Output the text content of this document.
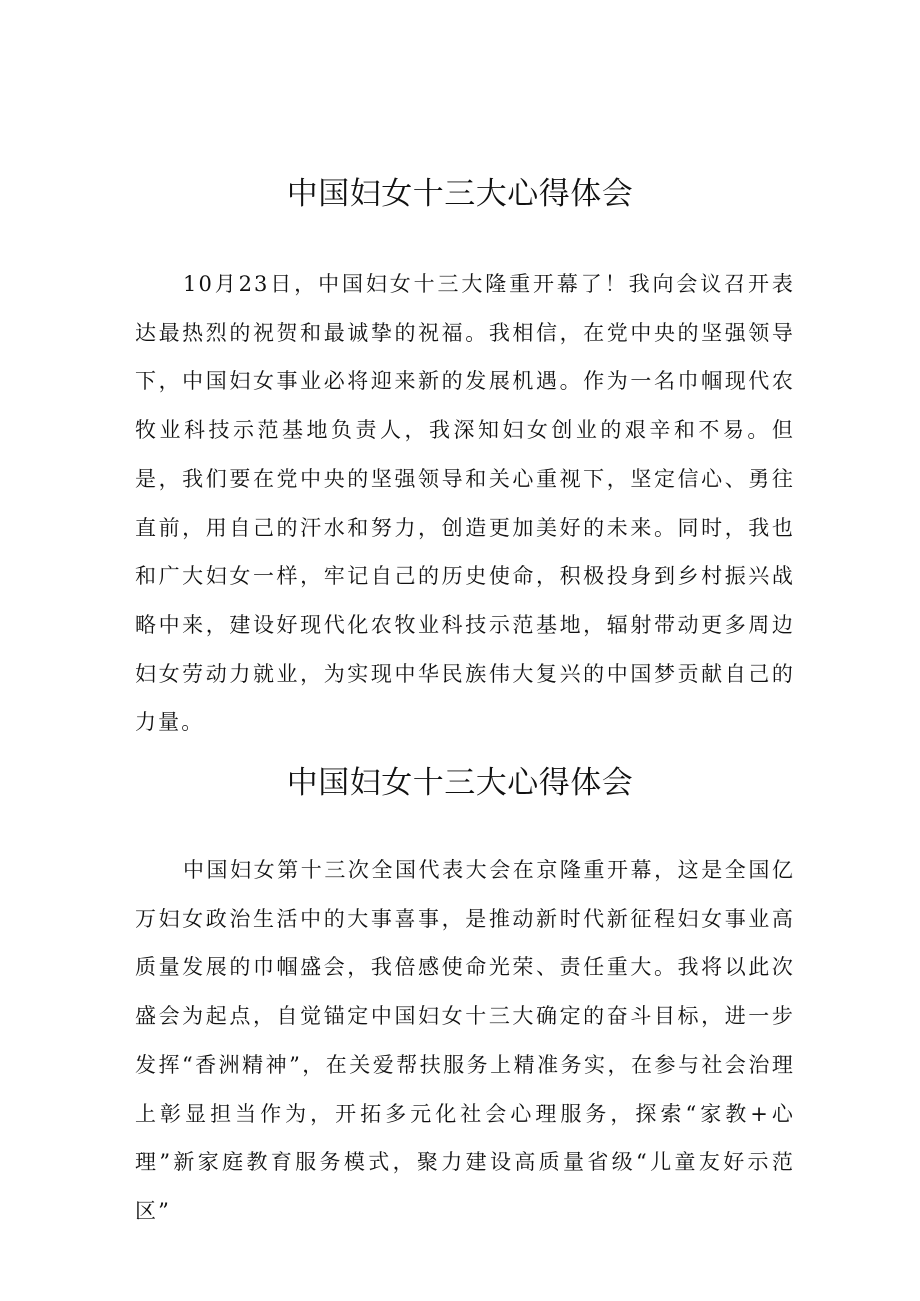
中国妇女十三大心得体会

10月23日，中国妇女十三大隆重开幕了！我向会议召开表达最热烈的祝贺和最诚挚的祝福。我相信，在党中央的坚强领导下，中国妇女事业必将迎来新的发展机遇。作为一名巾帼现代农牧业科技示范基地负责人，我深知妇女创业的艰辛和不易。但是，我们要在党中央的坚强领导和关心重视下，坚定信心、勇往直前，用自己的汗水和努力，创造更加美好的未来。同时，我也和广大妇女一样，牢记自己的历史使命，积极投身到乡村振兴战略中来，建设好现代化农牧业科技示范基地，辐射带动更多周边妇女劳动力就业，为实现中华民族伟大复兴的中国梦贡献自己的力量。

中国妇女十三大心得体会

中国妇女第十三次全国代表大会在京隆重开幕，这是全国亿万妇女政治生活中的大事喜事，是推动新时代新征程妇女事业高质量发展的巾帼盛会，我倍感使命光荣、责任重大。我将以此次盛会为起点，自觉锚定中国妇女十三大确定的奋斗目标，进一步发挥“香洲精神”，在关爱帮扶服务上精准务实，在参与社会治理上彰显担当作为，开拓多元化社会心理服务，探索“家教+心理”新家庭教育服务模式，聚力建设高质量省级“儿童友好示范区”
